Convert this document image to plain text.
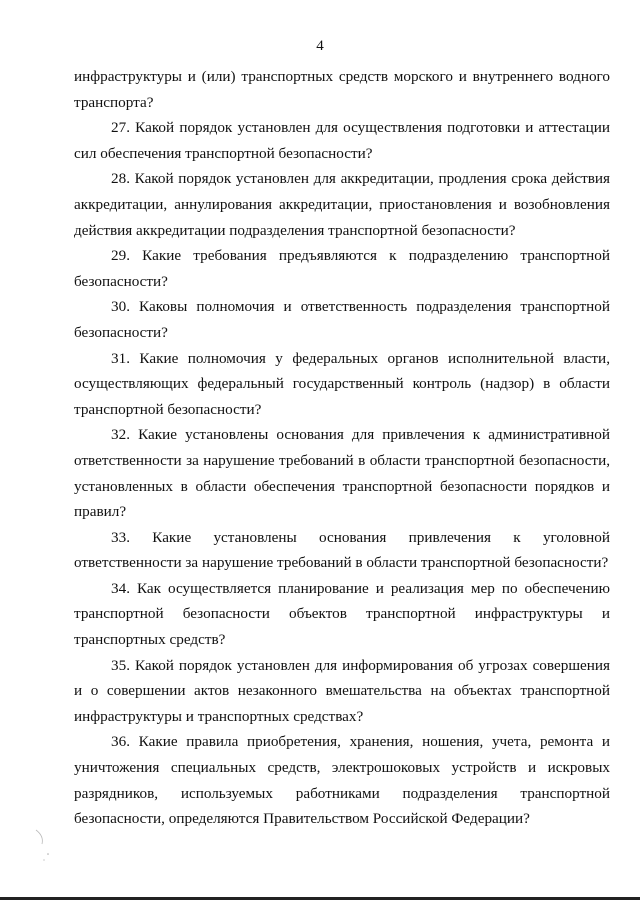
4

инфраструктуры и (или) транспортных средств морского и внутреннего водного транспорта?

27. Какой порядок установлен для осуществления подготовки и аттестации сил обеспечения транспортной безопасности?

28. Какой порядок установлен для аккредитации, продления срока действия аккредитации, аннулирования аккредитации, приостановления и возобновления действия аккредитации подразделения транспортной безопасности?

29. Какие требования предъявляются к подразделению транспортной безопасности?

30. Каковы полномочия и ответственность подразделения транспортной безопасности?

31. Какие полномочия у федеральных органов исполнительной власти, осуществляющих федеральный государственный контроль (надзор) в области транспортной безопасности?

32. Какие установлены основания для привлечения к административной ответственности за нарушение требований в области транспортной безопасности, установленных в области обеспечения транспортной безопасности порядков и правил?

33. Какие установлены основания привлечения к уголовной ответственности за нарушение требований в области транспортной безопасности?

34. Как осуществляется планирование и реализация мер по обеспечению транспортной безопасности объектов транспортной инфраструктуры и транспортных средств?

35. Какой порядок установлен для информирования об угрозах совершения и о совершении актов незаконного вмешательства на объектах транспортной инфраструктуры и транспортных средствах?

36. Какие правила приобретения, хранения, ношения, учета, ремонта и уничтожения специальных средств, электрошоковых устройств и искровых разрядников, используемых работниками подразделения транспортной безопасности, определяются Правительством Российской Федерации?
